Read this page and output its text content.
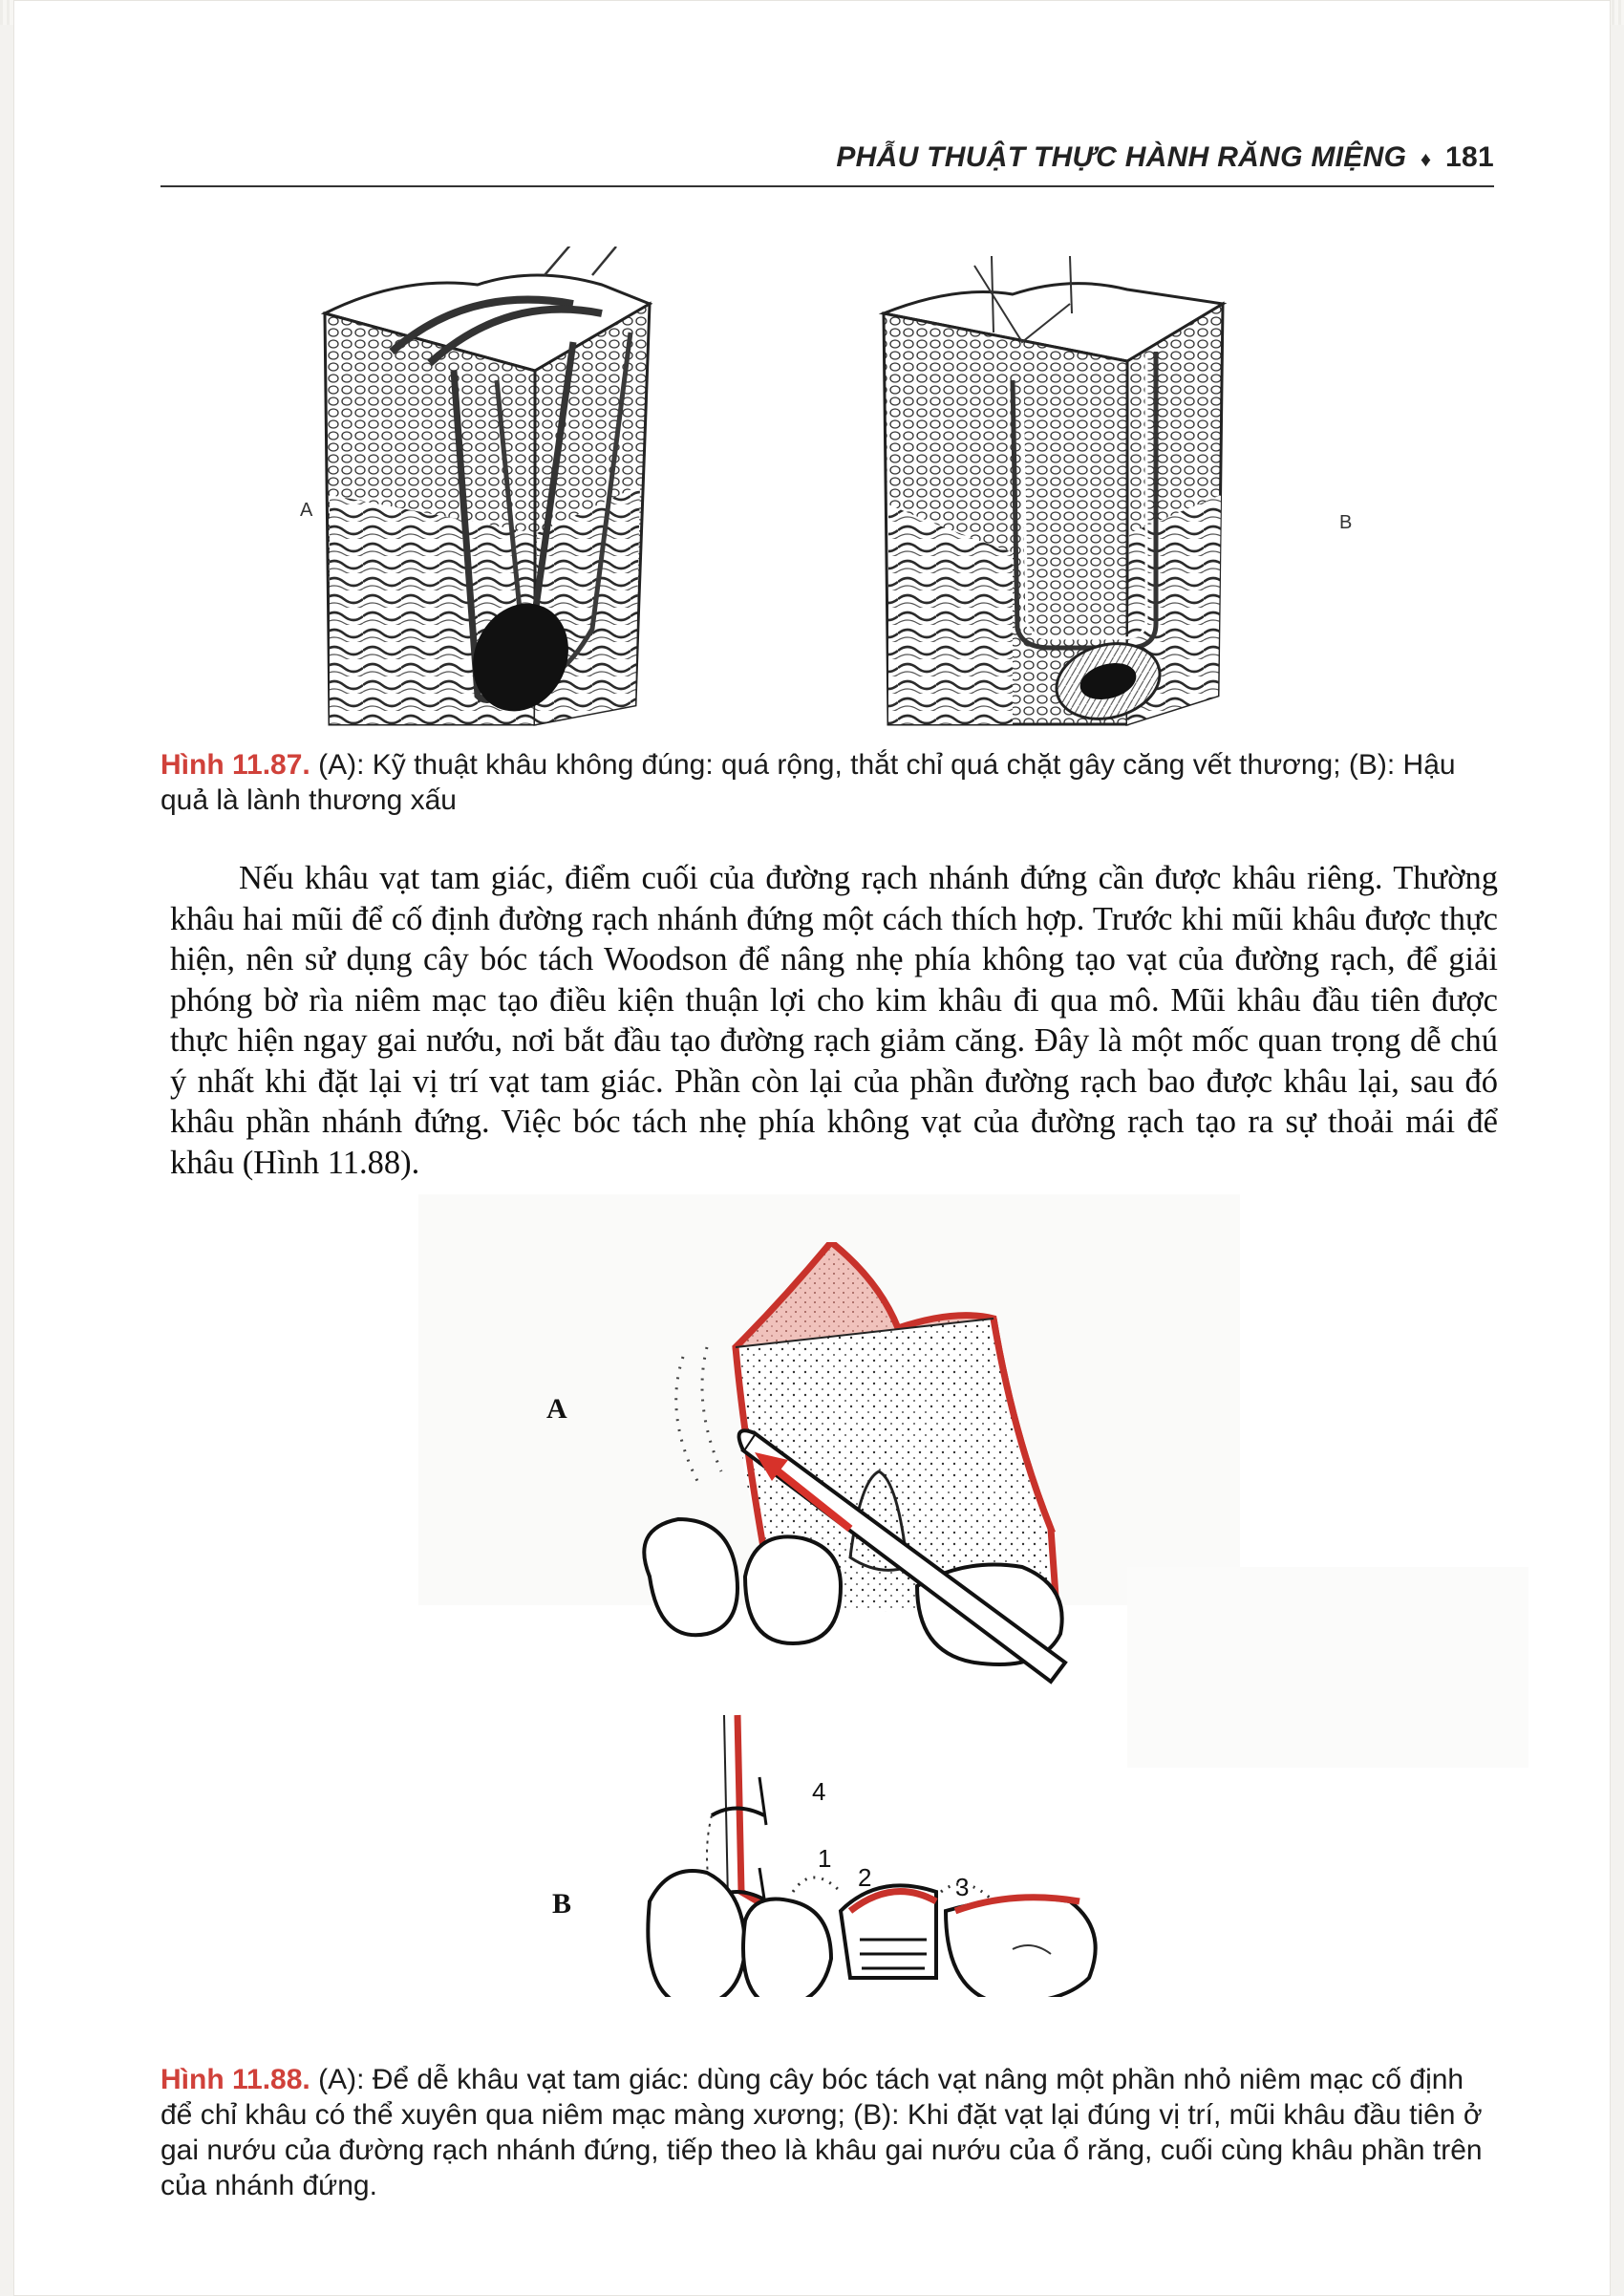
PHẪU THUẬT THỰC HÀNH RĂNG MIỆNG ♦ 181
A
B
Hình 11.87. (A): Kỹ thuật khâu không đúng: quá rộng, thắt chỉ quá chặt gây căng vết thương; (B): Hậu quả là lành thương xấu

Nếu khâu vạt tam giác, điểm cuối của đường rạch nhánh đứng cần được khâu riêng. Thường khâu hai mũi để cố định đường rạch nhánh đứng một cách thích hợp. Trước khi mũi khâu được thực hiện, nên sử dụng cây bóc tách Woodson để nâng nhẹ phía không tạo vạt của đường rạch, để giải phóng bờ rìa niêm mạc tạo điều kiện thuận lợi cho kim khâu đi qua mô. Mũi khâu đầu tiên được thực hiện ngay gai nướu, nơi bắt đầu tạo đường rạch giảm căng. Đây là một mốc quan trọng dễ chú ý nhất khi đặt lại vị trí vạt tam giác. Phần còn lại của phần đường rạch bao được khâu lại, sau đó khâu phần nhánh đứng. Việc bóc tách nhẹ phía không vạt của đường rạch tạo ra sự thoải mái để khâu (Hình 11.88).

A
B
4
1
2	3
Hình 11.88. (A): Để dễ khâu vạt tam giác: dùng cây bóc tách vạt nâng một phần nhỏ niêm mạc cố định để chỉ khâu có thể xuyên qua niêm mạc màng xương; (B): Khi đặt vạt lại đúng vị trí, mũi khâu đầu tiên ở gai nướu của đường rạch nhánh đứng, tiếp theo là khâu gai nướu của ổ răng, cuối cùng khâu phần trên của nhánh đứng.
